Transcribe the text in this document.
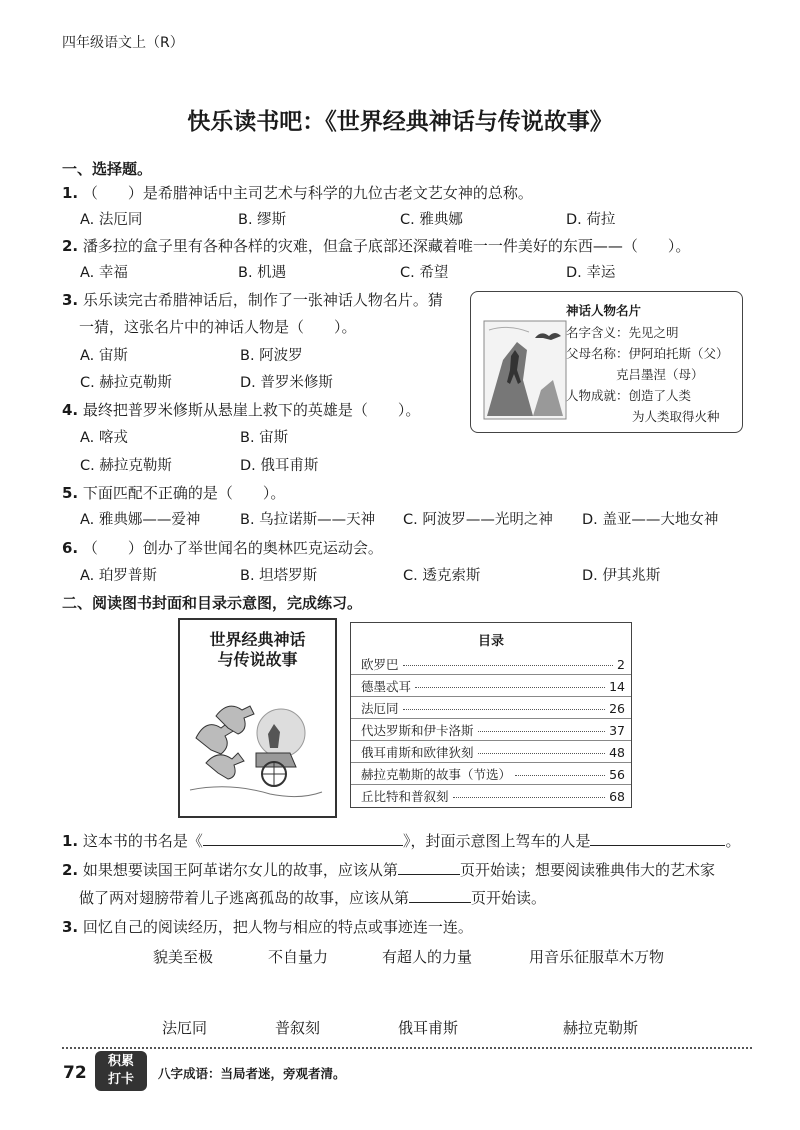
四年级语文上（R）
快乐读书吧：《世界经典神话与传说故事》
一、选择题。
1. （　　）是希腊神话中主司艺术与科学的九位古老文艺女神的总称。
A. 法厄同	B. 缪斯	C. 雅典娜	D. 荷拉
2. 潘多拉的盒子里有各种各样的灾难，但盒子底部还深藏着唯一一件美好的东西——（　　）。
A. 幸福	B. 机遇	C. 希望	D. 幸运
3. 乐乐读完古希腊神话后，制作了一张神话人物名片。猜
一猜，这张名片中的神话人物是（　　）。
A. 宙斯	B. 阿波罗
C. 赫拉克勒斯	D. 普罗米修斯
神话人物名片
名字含义：先见之明
父母名称：伊阿珀托斯（父）
克吕墨涅（母）
人物成就：创造了人类
为人类取得火种
4. 最终把普罗米修斯从悬崖上救下的英雄是（　　）。
A. 喀戎	B. 宙斯
C. 赫拉克勒斯	D. 俄耳甫斯
5. 下面匹配不正确的是（　　）。
A. 雅典娜——爱神	B. 乌拉诺斯——天神 C. 阿波罗——光明之神 D. 盖亚——大地女神
6. （　　）创办了举世闻名的奥林匹克运动会。
A. 珀罗普斯	B. 坦塔罗斯	C. 透克索斯	D. 伊其兆斯
二、阅读图书封面和目录示意图，完成练习。
世界经典神话
与传说故事
目录
欧罗巴	2
德墨忒耳	14
法厄同	26
代达罗斯和伊卡洛斯	37
俄耳甫斯和欧律狄刻	48
赫拉克勒斯的故事（节选）	56
丘比特和普叙刻	68
1. 这本书的书名是《	》，封面示意图上驾车的人是	。
2. 如果想要读国王阿革诺尔女儿的故事，应该从第	页开始读；想要阅读雅典伟大的艺术家
做了两对翅膀带着儿子逃离孤岛的故事，应该从第	页开始读。
3. 回忆自己的阅读经历，把人物与相应的特点或事迹连一连。
貌美至极	不自量力	有超人的力量	用音乐征服草木万物
法厄同	普叙刻	俄耳甫斯	赫拉克勒斯
72
积累
打卡	八字成语：当局者迷，旁观者清。
